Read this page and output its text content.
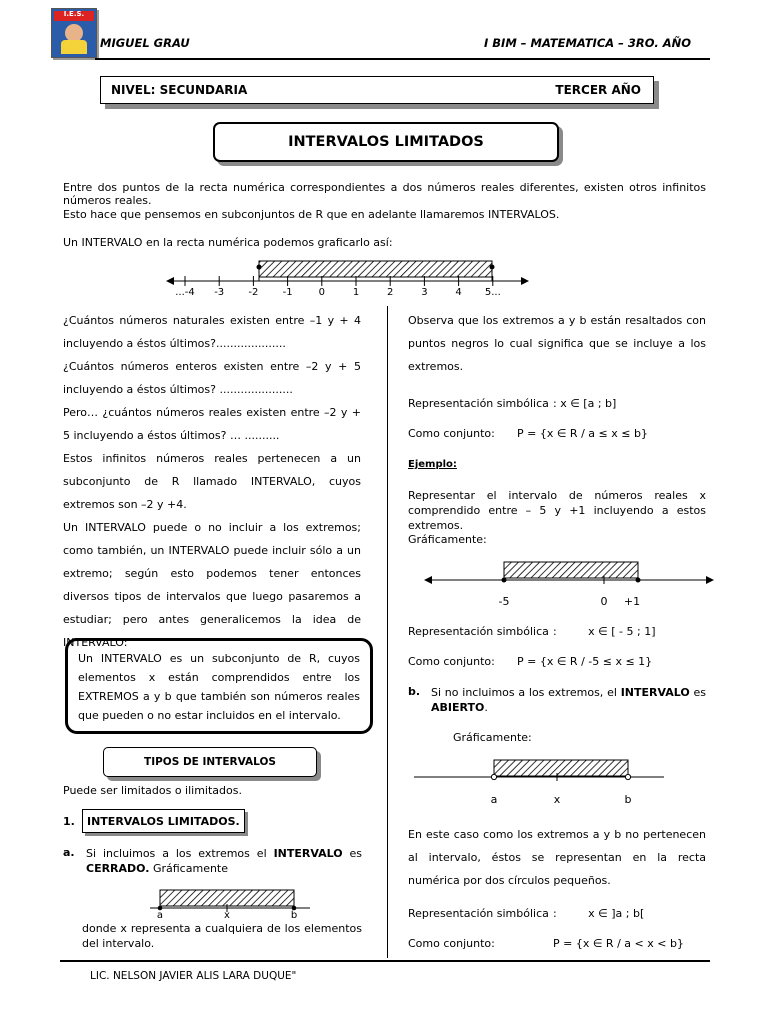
I.E.S.
MIGUEL GRAU	I BIM – MATEMATICA – 3RO. AÑO
NIVEL: SECUNDARIA	TERCER AÑO
INTERVALOS LIMITADOS
Entre dos puntos de la recta numérica correspondientes a dos números reales diferentes, existen otros infinitos números reales.
Esto hace que pensemos en subconjuntos de R que en adelante llamaremos INTERVALOS.
Un INTERVALO en la recta numérica podemos graficarlo así:
...-4 -3 -2 -1	0	1	2	3	4 5...
¿Cuántos números naturales existen entre –1 y + 4 incluyendo a éstos últimos?....................
¿Cuántos números enteros existen entre –2 y + 5 incluyendo a éstos últimos? .....................
Pero… ¿cuántos números reales existen entre –2 y + 5 incluyendo a éstos últimos? … ..........
Estos infinitos números reales pertenecen a un subconjunto de R llamado INTERVALO, cuyos extremos son –2 y +4.
Un INTERVALO puede o no incluir a los extremos; como también, un INTERVALO puede incluir sólo a un extremo; según esto podemos tener entonces diversos tipos de intervalos que luego pasaremos a estudiar; pero antes generalicemos la idea de INTERVALO:
Un INTERVALO es un subconjunto de R, cuyos elementos x están comprendidos entre los EXTREMOS a y b que también son números reales que pueden o no estar incluidos en el intervalo.
TIPOS DE INTERVALOS
Puede ser limitados o ilimitados.
1.	INTERVALOS LIMITADOS.
a. Si incluimos a los extremos el INTERVALO es CERRADO. Gráficamente
a	x	b
donde x representa a cualquiera de los elementos del intervalo.
Observa que los extremos a y b están resaltados con puntos negros lo cual significa que se incluye a los extremos.
Representación simbólica : x ∈ [a ; b]
Como conjunto: P = {x ∈ R / a ≤ x ≤ b}
Ejemplo:
Representar el intervalo de números reales x comprendido entre – 5 y +1 incluyendo a estos extremos.
Gráficamente:
-5	0 +1
Representación simbólica :         x ∈ [ - 5 ; 1]
Como conjunto: P = {x ∈ R / -5 ≤ x ≤ 1}
b. Si no incluimos a los extremos, el INTERVALO es ABIERTO.
Gráficamente:
a	x	b
En este caso como los extremos a y b no pertenecen al intervalo, éstos se representan en la recta numérica por dos círculos pequeños.
Representación simbólica :         x ∈ ]a ; b[
Como conjunto:	P = {x ∈ R / a < x < b}
LIC. NELSON JAVIER ALIS LARA DUQUE"
